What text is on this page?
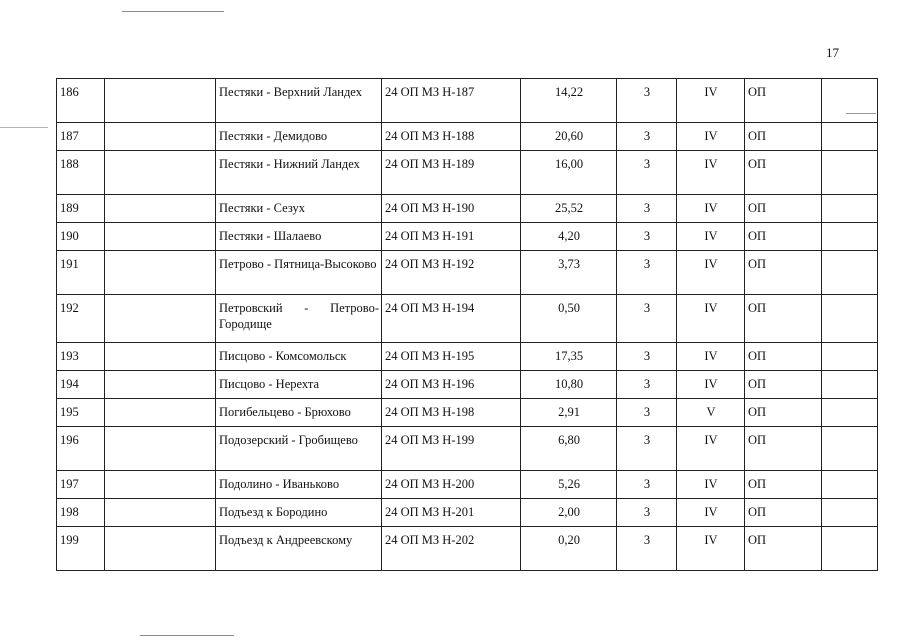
17
186		Пестяки - Верхний Ландех	24 ОП МЗ Н-187	14,22	3	IV	ОП	
187		Пестяки - Демидово	24 ОП МЗ Н-188	20,60	3	IV	ОП	
188		Пестяки - Нижний Ландех	24 ОП МЗ Н-189	16,00	3	IV	ОП	
189		Пестяки - Сезух	24 ОП МЗ Н-190	25,52	3	IV	ОП	
190		Пестяки - Шалаево	24 ОП МЗ Н-191	4,20	3	IV	ОП	
191		Петрово - Пятница-Высоково	24 ОП МЗ Н-192	3,73	3	IV	ОП	
192		Петровский - Петрово-Городище	24 ОП МЗ Н-194	0,50	3	IV	ОП	
193		Писцово - Комсомольск	24 ОП МЗ Н-195	17,35	3	IV	ОП	
194		Писцово - Нерехта	24 ОП МЗ Н-196	10,80	3	IV	ОП	
195		Погибельцево - Брюхово	24 ОП МЗ Н-198	2,91	3	V	ОП	
196		Подозерский - Гробищево	24 ОП МЗ Н-199	6,80	3	IV	ОП	
197		Подолино - Иваньково	24 ОП МЗ Н-200	5,26	3	IV	ОП	
198		Подъезд к Бородино	24 ОП МЗ Н-201	2,00	3	IV	ОП	
199		Подъезд к Андреевскому	24 ОП МЗ Н-202	0,20	3	IV	ОП	
